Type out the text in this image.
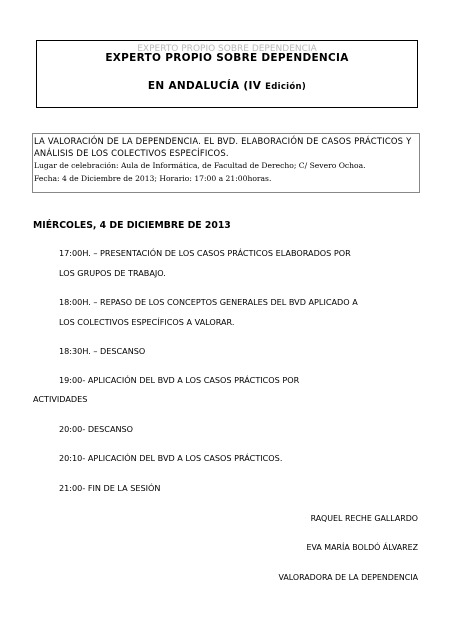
EXPERTO PROPIO SOBRE DEPENDENCIA
EXPERTO PROPIO SOBRE DEPENDENCIA
EN ANDALUCÍA (IV Edición)
LA VALORACIÓN DE LA DEPENDENCIA. EL BVD. ELABORACIÓN DE CASOS PRÁCTICOS Y ANÁLISIS DE LOS COLECTIVOS ESPECÍFICOS.
Lugar de celebración: Aula de Informática, de Facultad de Derecho; C/ Severo Ochoa.
Fecha: 4 de Diciembre de 2013; Horario: 17:00 a 21:00horas.
MIÉRCOLES, 4 DE DICIEMBRE DE 2013
17:00H. – PRESENTACIÓN DE LOS CASOS PRÁCTICOS ELABORADOS POR
LOS GRUPOS DE TRABAJO.
18:00H. – REPASO DE LOS CONCEPTOS GENERALES DEL BVD APLICADO A
LOS COLECTIVOS ESPECÍFICOS A VALORAR.
18:30H. – DESCANSO
19:00- APLICACIÓN DEL BVD A LOS CASOS PRÁCTICOS POR
ACTIVIDADES
20:00- DESCANSO
20:10- APLICACIÓN DEL BVD A LOS CASOS PRÁCTICOS.
21:00- FIN DE LA SESIÓN
RAQUEL RECHE GALLARDO
EVA MARÍA BOLDÓ ÁLVAREZ
VALORADORA DE LA DEPENDENCIA
